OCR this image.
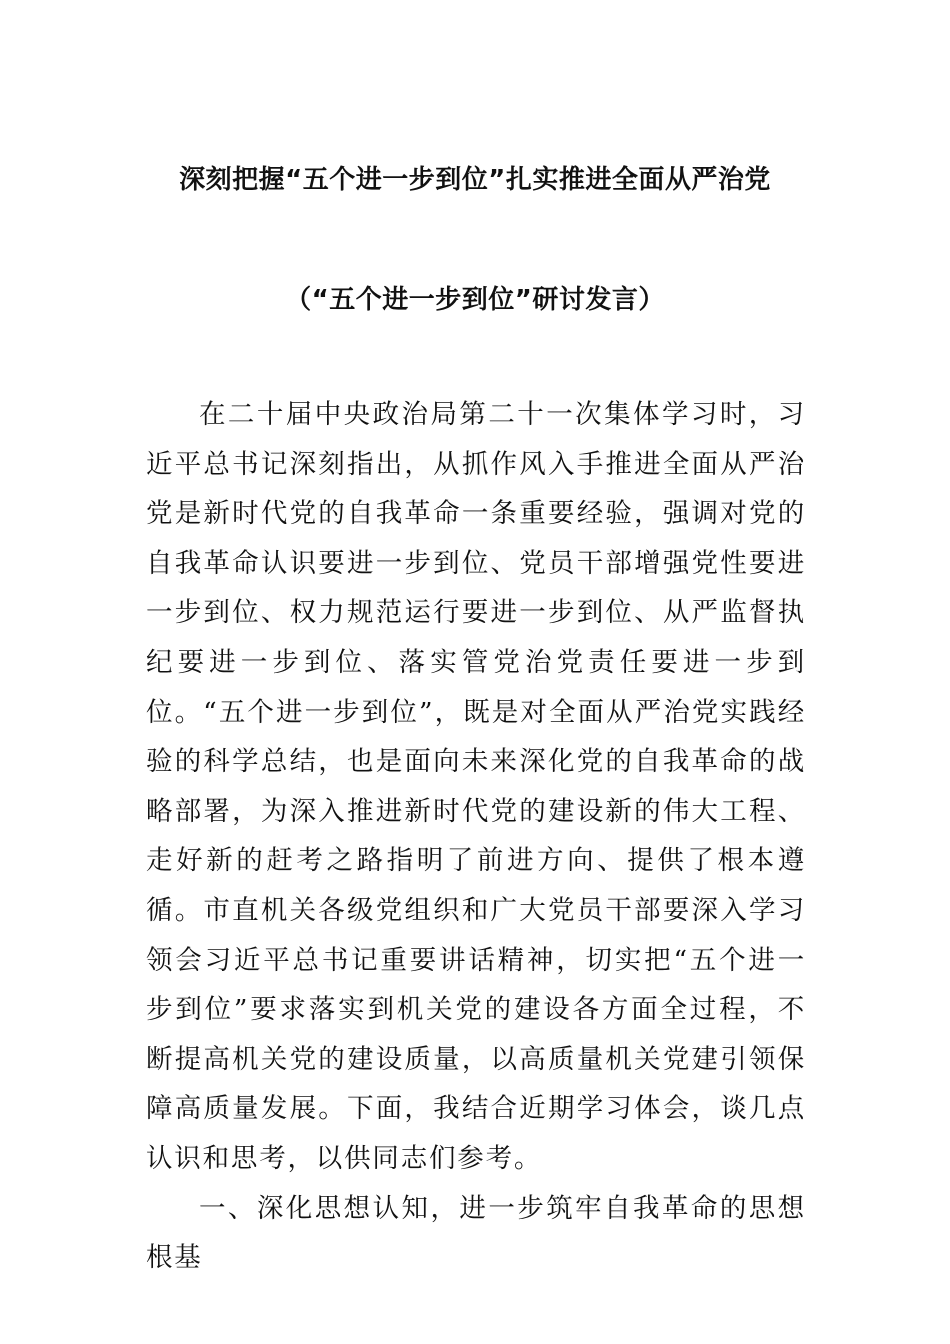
深刻把握“五个进一步到位”扎实推进全面从严治党
（“五个进一步到位”研讨发言）

在二十届中央政治局第二十一次集体学习时，习近平总书记深刻指出，从抓作风入手推进全面从严治党是新时代党的自我革命一条重要经验，强调对党的自我革命认识要进一步到位、党员干部增强党性要进一步到位、权力规范运行要进一步到位、从严监督执纪要进一步到位、落实管党治党责任要进一步到位。“五个进一步到位”，既是对全面从严治党实践经验的科学总结，也是面向未来深化党的自我革命的战略部署，为深入推进新时代党的建设新的伟大工程、走好新的赶考之路指明了前进方向、提供了根本遵循。市直机关各级党组织和广大党员干部要深入学习领会习近平总书记重要讲话精神，切实把“五个进一步到位”要求落实到机关党的建设各方面全过程，不断提高机关党的建设质量，以高质量机关党建引领保障高质量发展。下面，我结合近期学习体会，谈几点认识和思考，以供同志们参考。

一、深化思想认知，进一步筑牢自我革命的思想根基
